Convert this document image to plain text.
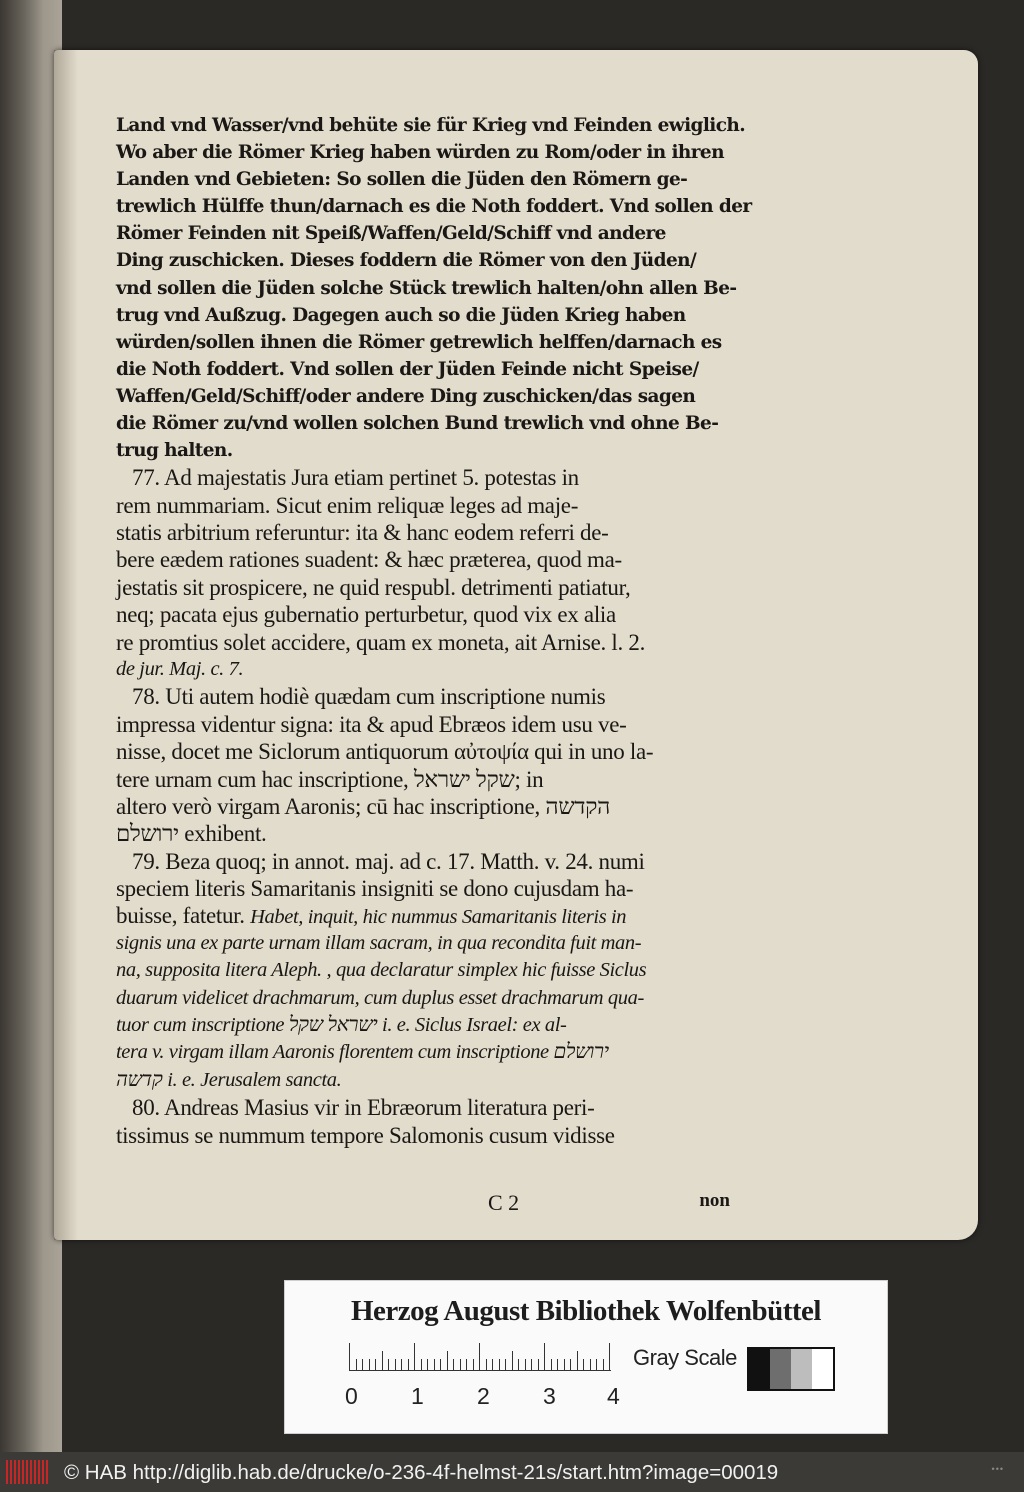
Land vnd Wasser/vnd behüte sie für Krieg vnd Feinden ewiglich.
Wo aber die Römer Krieg haben würden zu Rom/oder in ihren
Landen vnd Gebieten: So sollen die Jüden den Römern ge-
trewlich Hülffe thun/darnach es die Noth foddert. Vnd sollen der
Römer Feinden nit Speiß/Waffen/Geld/Schiff vnd andere
Ding zuschicken. Dieses foddern die Römer von den Jüden/
vnd sollen die Jüden solche Stück trewlich halten/ohn allen Be-
trug vnd Außzug. Dagegen auch so die Jüden Krieg haben
würden/sollen ihnen die Römer getrewlich helffen/darnach es
die Noth foddert. Vnd sollen der Jüden Feinde nicht Speise/
Waffen/Geld/Schiff/oder andere Ding zuschicken/das sagen
die Römer zu/vnd wollen solchen Bund trewlich vnd ohne Be-
trug halten.
77. Ad majestatis Jura etiam pertinet 5. potestas in
rem nummariam. Sicut enim reliquæ leges ad maje-
statis arbitrium referuntur: ita & hanc eodem referri de-
bere eædem rationes suadent: & hæc præterea, quod ma-
jestatis sit prospicere, ne quid respubl. detrimenti patiatur,
neq; pacata ejus gubernatio perturbetur, quod vix ex alia
re promtius solet accidere, quam ex moneta, ait Arnise. l. 2.
de jur. Maj. c. 7.
78. Uti autem hodiè quædam cum inscriptione numis
impressa videntur signa: ita & apud Ebræos idem usu ve-
nisse, docet me Siclorum antiquorum αὐτοψία qui in uno la-
tere urnam cum hac inscriptione, שקל ישראל; in
altero verò virgam Aaronis; cū hac inscriptione, הקדשה
ירושלם exhibent.
79. Beza quoq; in annot. maj. ad c. 17. Matth. v. 24. numi
speciem literis Samaritanis insigniti se dono cujusdam ha-
buisse, fatetur. Habet, inquit, hic nummus Samaritanis literis in
signis una ex parte urnam illam sacram, in qua recondita fuit man-
na, supposita litera Aleph. , qua declaratur simplex hic fuisse Siclus
duarum videlicet drachmarum, cum duplus esset drachmarum qua-
tuor cum inscriptione ישראל שקל i. e. Siclus Israel: ex al-
tera v. virgam illam Aaronis florentem cum inscriptione ירושלם
קדשה i. e. Jerusalem sancta.
80. Andreas Masius vir in Ebræorum literatura peri-
tissimus se nummum tempore Salomonis cusum vidisse
C 2	non
Herzog August Bibliothek Wolfenbüttel
0 1 2 3 4
Gray Scale
© HAB http://diglib.hab.de/drucke/o-236-4f-helmst-21s/start.htm?image=00019	•••
